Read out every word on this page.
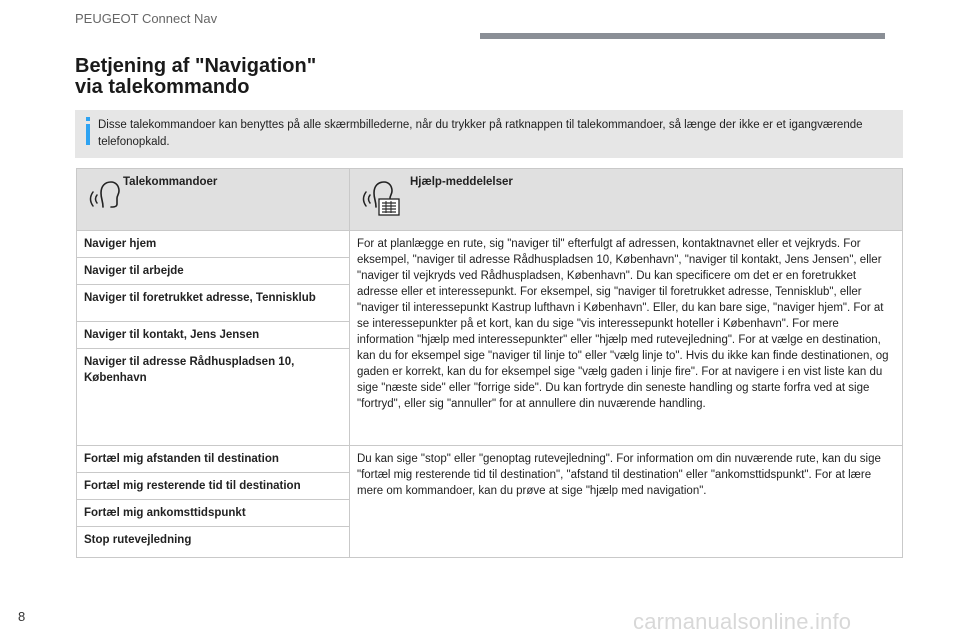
PEUGEOT Connect Nav
Betjening af "Navigation"
via talekommando
Disse talekommandoer kan benyttes på alle skærmbillederne, når du trykker på ratknappen til talekommandoer, så længe der ikke er et igangværende telefonopkald.
Talekommandoer	Hjælp-meddelelser

Naviger hjem	For at planlægge en rute, sig "naviger til" efterfulgt af adressen, kontaktnavnet eller et vejkryds. For eksempel, "naviger til adresse Rådhuspladsen 10, København", "naviger til kontakt, Jens Jensen", eller "naviger til vejkryds ved Rådhuspladsen, København". Du kan specificere om det er en foretrukket adresse eller et interessepunkt. For eksempel, sig "naviger til foretrukket adresse, Tennisklub", eller "naviger til interessepunkt Kastrup lufthavn i København". Eller, du kan bare sige, "naviger hjem". For at se interessepunkter på et kort, kan du sige "vis interessepunkt hoteller i København". For mere information "hjælp med interessepunkter" eller "hjælp med rutevejledning". For at vælge en destination, kan du for eksempel sige "naviger til linje to" eller "vælg linje to". Hvis du ikke kan finde destinationen, og gaden er korrekt, kan du for eksempel sige "vælg gaden i linje fire". For at navigere i en vist liste kan du sige "næste side" eller "forrige side". Du kan fortryde din seneste handling og starte forfra ved at sige "fortryd", eller sig "annuller" for at annullere din nuværende handling.
Naviger til arbejde	
Naviger til foretrukket adresse, Tennisklub	
Naviger til kontakt, Jens Jensen	
Naviger til adresse Rådhuspladsen 10, København	
Fortæl mig afstanden til destination	Du kan sige "stop" eller "genoptag rutevejledning". For information om din nuværende rute, kan du sige "fortæl mig resterende tid til destination", "afstand til destination" eller "ankomsttidspunkt". For at lære mere om kommandoer, kan du prøve at sige "hjælp med navigation".
Fortæl mig resterende tid til destination	
Fortæl mig ankomsttidspunkt	
Stop rutevejledning	
8	carmanualsonline.info
